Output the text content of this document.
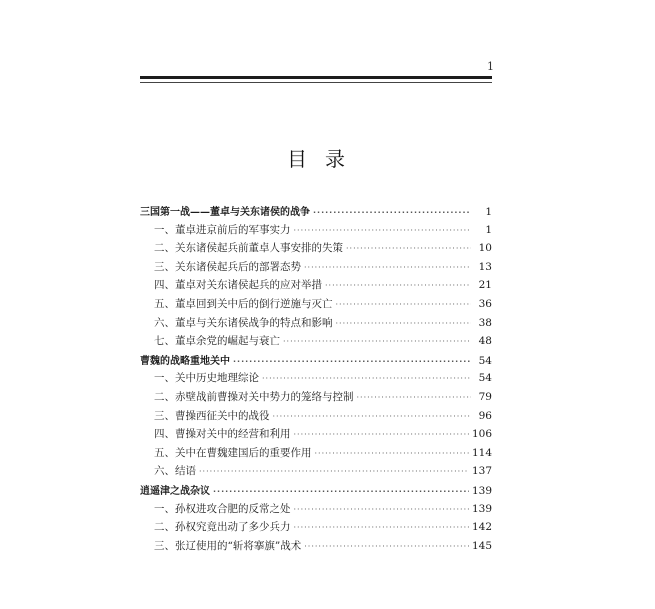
1
目录
三国第一战——董卓与关东诸侯的战争 ·····	1
一、董卓进京前后的军事实力 ·····	1
二、关东诸侯起兵前董卓人事安排的失策 ·····	10
三、关东诸侯起兵后的部署态势 ·····	13
四、董卓对关东诸侯起兵的应对举措 ·····	21
五、董卓回到关中后的倒行逆施与灭亡 ·····	36
六、董卓与关东诸侯战争的特点和影响 ·····	38
七、董卓余党的崛起与衰亡 ·····	48
曹魏的战略重地关中 ·····	54
一、关中历史地理综论 ·····	54
二、赤壁战前曹操对关中势力的笼络与控制 ·····	79
三、曹操西征关中的战役 ·····	96
四、曹操对关中的经营和利用 ·····	106
五、关中在曹魏建国后的重要作用 ·····	114
六、结语 ·····	137
逍遥津之战杂议 ·····	139
一、孙权进攻合肥的反常之处 ·····	139
二、孙权究竟出动了多少兵力 ·····	142
三、张辽使用的“斩将搴旗”战术 ·····	145
